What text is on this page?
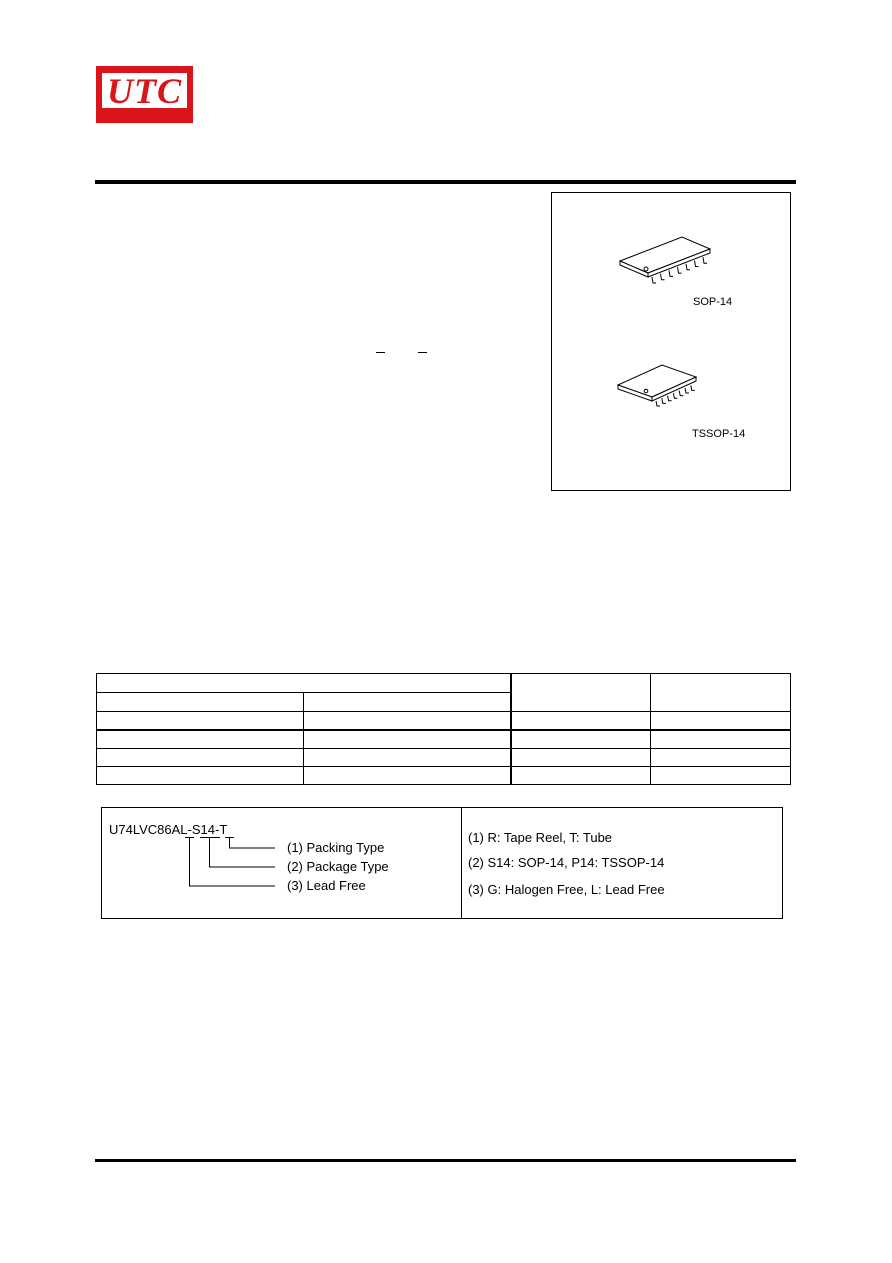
UTC
SOP-14
TSSOP-14

U74LVC86AL-S14-T
(1) Packing Type
(2) Package Type
(3) Lead Free
(1) R: Tape Reel, T: Tube
(2) S14: SOP-14, P14: TSSOP-14
(3) G: Halogen Free, L: Lead Free
